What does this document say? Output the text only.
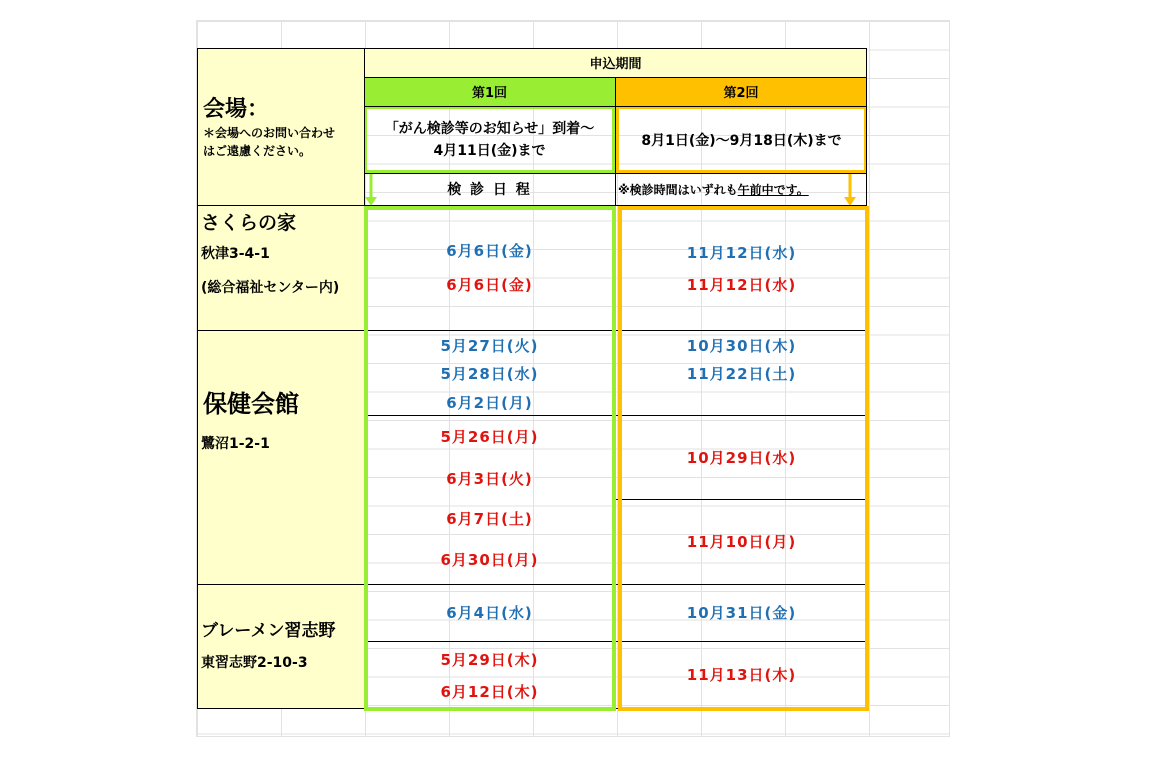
申込期間
第1回	第2回
「がん検診等のお知らせ」到着～
4月11日(金)まで
8月1日(金)～9月18日(木)まで
検 診 日 程	※検診時間はいずれも 午前中です。
会場：
＊会場へのお問い合わせ
はご遠慮ください。
さくらの家
秋津3-4-1
(総合福祉センター内)
保健会館
鷺沼1-2-1
ブレーメン習志野
東習志野2-10-3
6月6日(金)
6月6日(金)
5月27日(火)
5月28日(水)
6月2日(月)
5月26日(月)
6月3日(火)
6月7日(土)
6月30日(月)
6月4日(水)
5月29日(木)
6月12日(木)
11月12日(水)
11月12日(水)
10月30日(木)
11月22日(土)
10月29日(水)
11月10日(月)
10月31日(金)
11月13日(木)
